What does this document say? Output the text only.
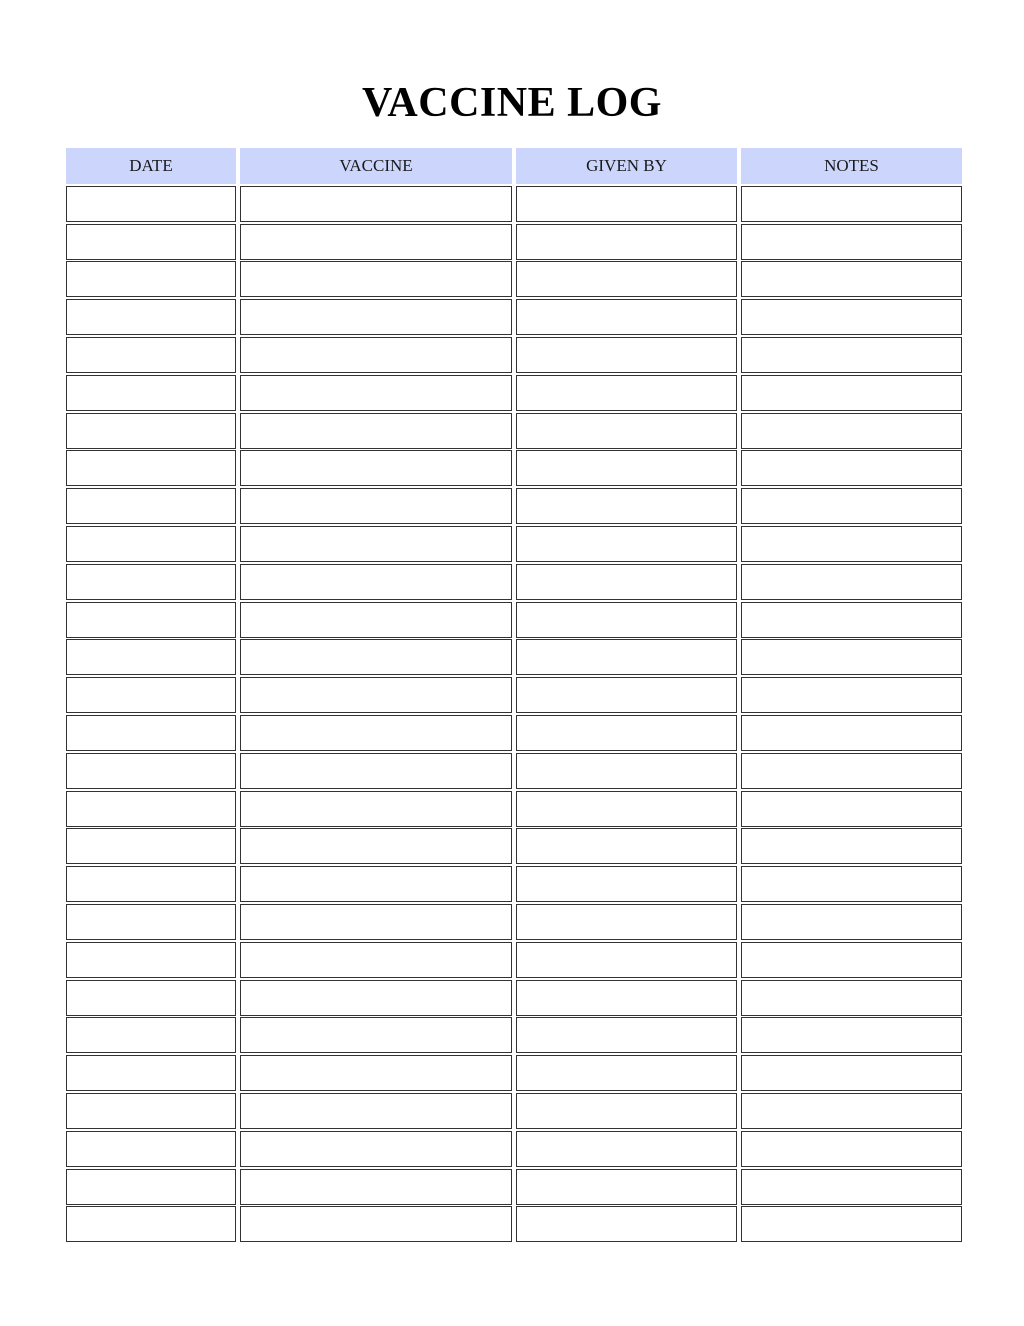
VACCINE LOG
DATE	VACCINE	GIVEN BY	NOTES
